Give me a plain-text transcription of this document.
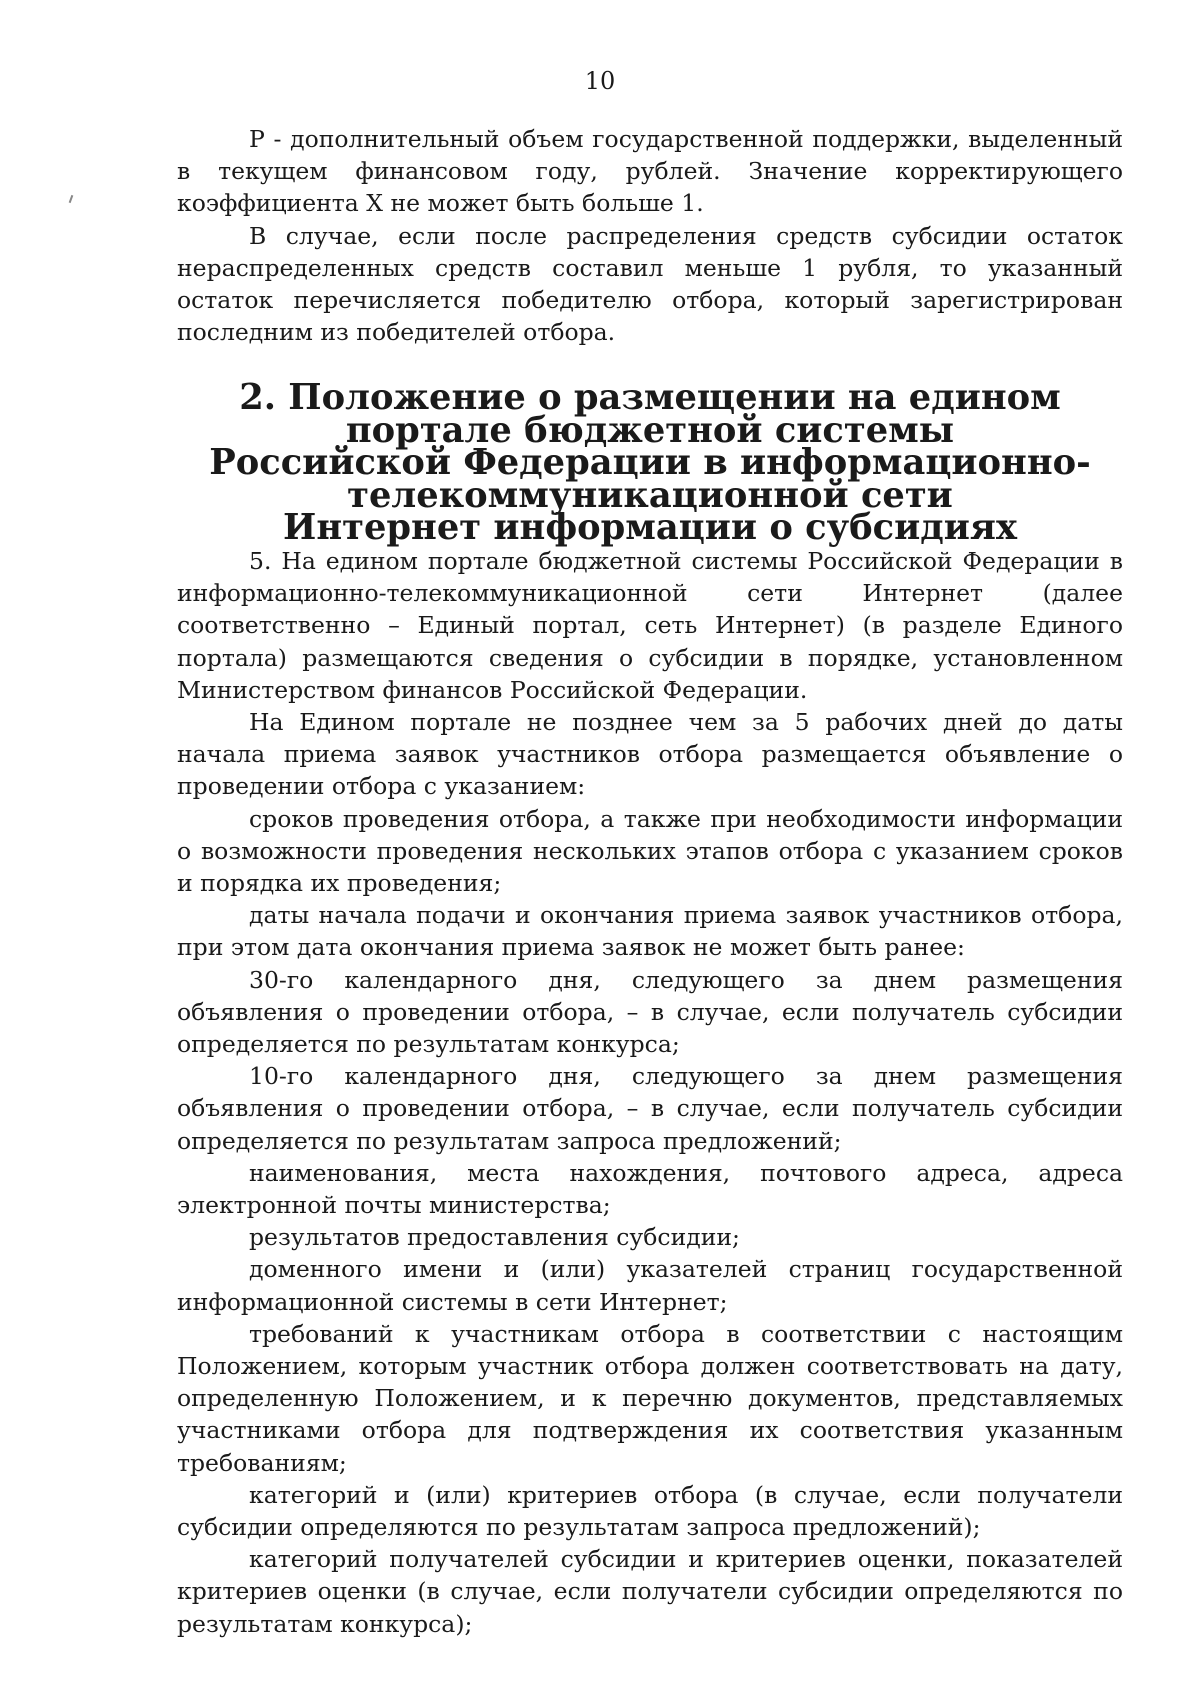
10

P - дополнительный объем государственной поддержки, выделенный в текущем финансовом году, рублей. Значение корректирующего коэффициента X не может быть больше 1.

В случае, если после распределения средств субсидии остаток нераспределенных средств составил меньше 1 рубля, то указанный остаток перечисляется победителю отбора, который зарегистрирован последним из победителей отбора.

2. Положение о размещении на едином портале бюджетной системы
Российской Федерации в информационно-телекоммуникационной сети
Интернет информации о субсидиях

5. На едином портале бюджетной системы Российской Федерации в информационно-телекоммуникационной сети Интернет (далее соответственно – Единый портал, сеть Интернет) (в разделе Единого портала) размещаются сведения о субсидии в порядке, установленном Министерством финансов Российской Федерации.

На Едином портале не позднее чем за 5 рабочих дней до даты начала приема заявок участников отбора размещается объявление о проведении отбора с указанием:

сроков проведения отбора, а также при необходимости информации о возможности проведения нескольких этапов отбора с указанием сроков и порядка их проведения;

даты начала подачи и окончания приема заявок участников отбора, при этом дата окончания приема заявок не может быть ранее:

30-го календарного дня, следующего за днем размещения объявления о проведении отбора, – в случае, если получатель субсидии определяется по результатам конкурса;

10-го календарного дня, следующего за днем размещения объявления о проведении отбора, – в случае, если получатель субсидии определяется по результатам запроса предложений;

наименования, места нахождения, почтового адреса, адреса электронной почты министерства;

результатов предоставления субсидии;

доменного имени и (или) указателей страниц государственной информационной системы в сети Интернет;

требований к участникам отбора в соответствии с настоящим Положением, которым участник отбора должен соответствовать на дату, определенную Положением, и к перечню документов, представляемых участниками отбора для подтверждения их соответствия указанным требованиям;

категорий и (или) критериев отбора (в случае, если получатели субсидии определяются по результатам запроса предложений);

категорий получателей субсидии и критериев оценки, показателей критериев оценки (в случае, если получатели субсидии определяются по результатам конкурса);
